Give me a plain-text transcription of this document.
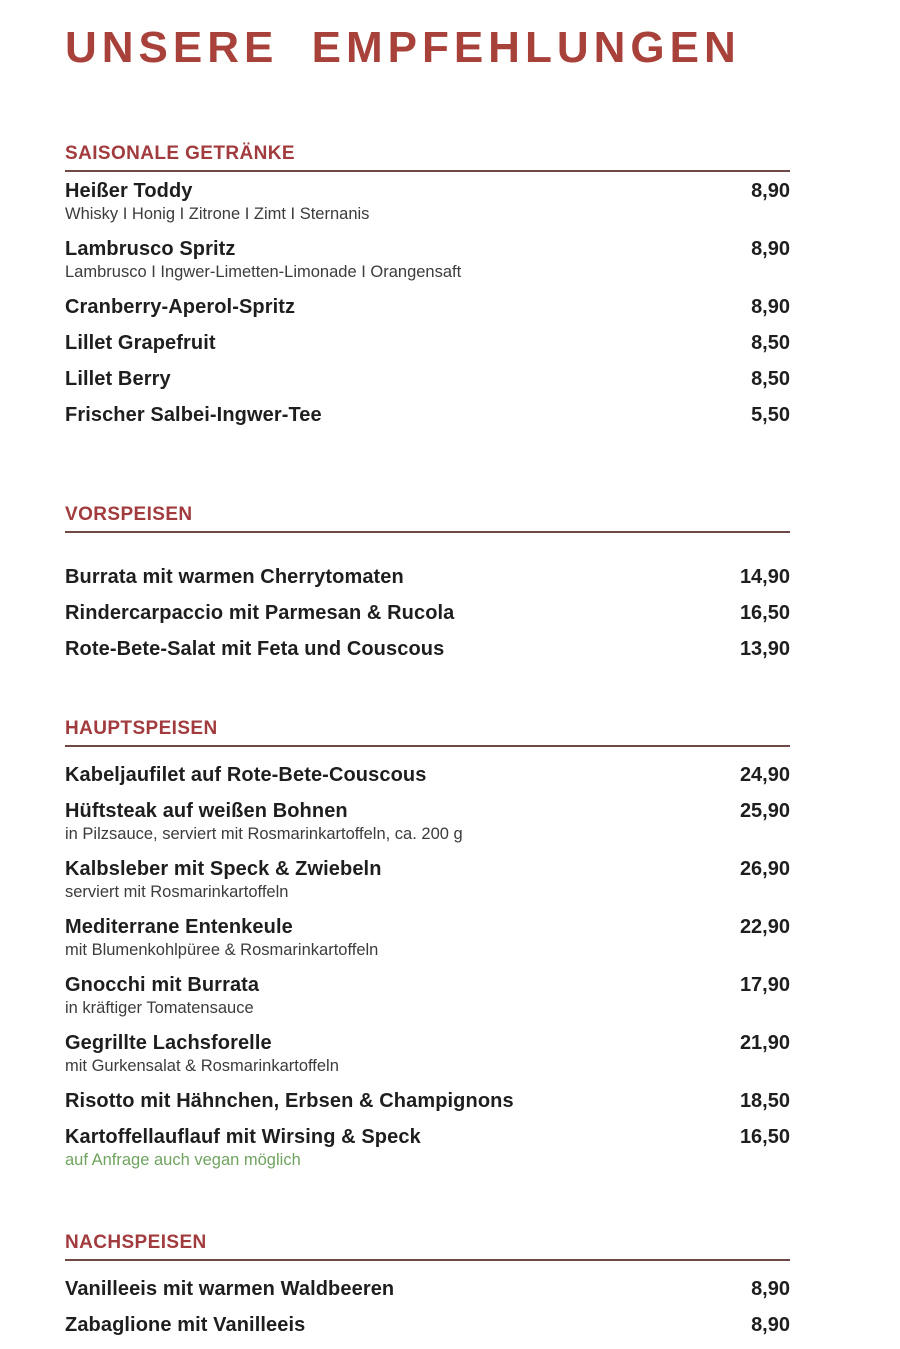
UNSERE EMPFEHLUNGEN
SAISONALE GETRÄNKE
Heißer Toddy	8,90
Whisky I Honig I Zitrone I Zimt I Sternanis
Lambrusco Spritz	8,90
Lambrusco I Ingwer-Limetten-Limonade I Orangensaft
Cranberry-Aperol-Spritz	8,90
Lillet Grapefruit	8,50
Lillet Berry	8,50
Frischer Salbei-Ingwer-Tee	5,50
VORSPEISEN
Burrata mit warmen Cherrytomaten	14,90
Rindercarpaccio mit Parmesan & Rucola	16,50
Rote-Bete-Salat mit Feta und Couscous	13,90
HAUPTSPEISEN
Kabeljaufilet auf Rote-Bete-Couscous	24,90
Hüftsteak auf weißen Bohnen	25,90
in Pilzsauce, serviert mit Rosmarinkartoffeln, ca. 200 g
Kalbsleber mit Speck & Zwiebeln	26,90
serviert mit Rosmarinkartoffeln
Mediterrane Entenkeule	22,90
mit Blumenkohlpüree & Rosmarinkartoffeln
Gnocchi mit Burrata	17,90
in kräftiger Tomatensauce
Gegrillte Lachsforelle	21,90
mit Gurkensalat & Rosmarinkartoffeln
Risotto mit Hähnchen, Erbsen & Champignons	18,50
Kartoffellauflauf mit Wirsing & Speck	16,50
auf Anfrage auch vegan möglich
NACHSPEISEN
Vanilleeis mit warmen Waldbeeren	8,90
Zabaglione mit Vanilleeis	8,90
